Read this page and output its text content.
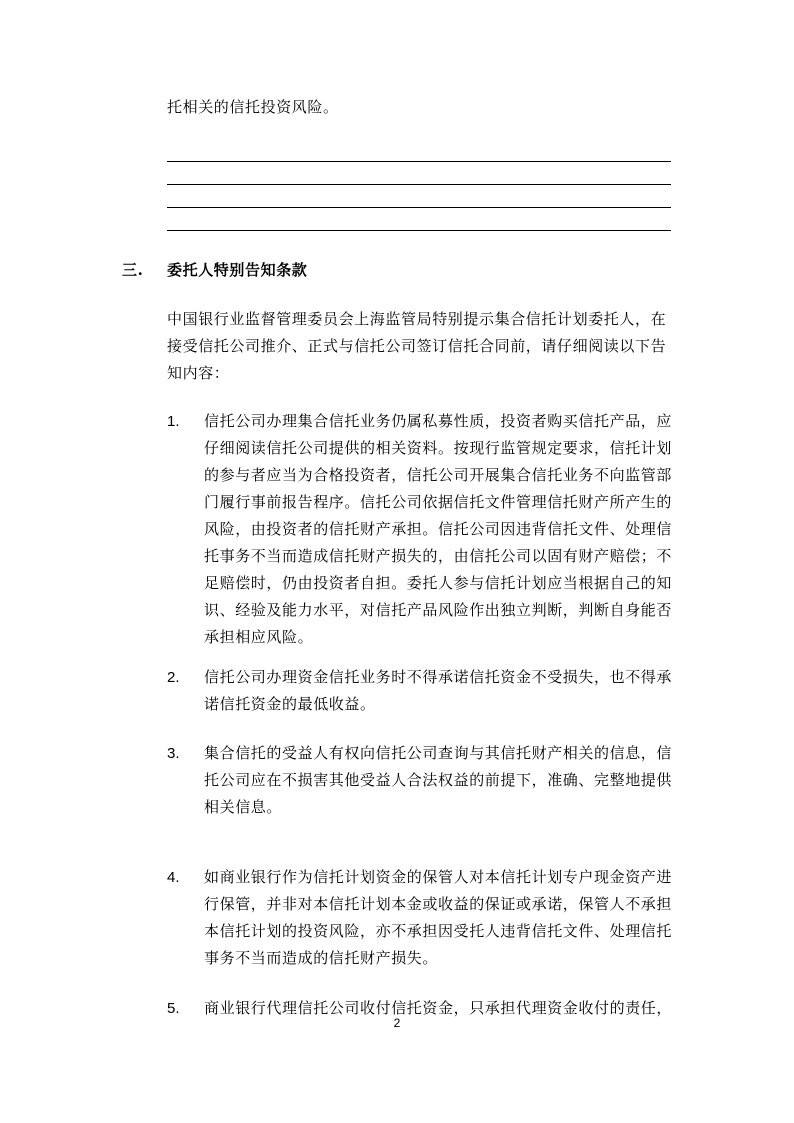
托相关的信托投资风险。
三. 委托人特别告知条款
中国银行业监督管理委员会上海监管局特别提示集合信托计划委托人，在接受信托公司推介、正式与信托公司签订信托合同前，请仔细阅读以下告知内容：
1.	信托公司办理集合信托业务仍属私募性质，投资者购买信托产品，应仔细阅读信托公司提供的相关资料。按现行监管规定要求，信托计划的参与者应当为合格投资者，信托公司开展集合信托业务不向监管部门履行事前报告程序。信托公司依据信托文件管理信托财产所产生的风险，由投资者的信托财产承担。信托公司因违背信托文件、处理信托事务不当而造成信托财产损失的，由信托公司以固有财产赔偿；不足赔偿时，仍由投资者自担。委托人参与信托计划应当根据自己的知识、经验及能力水平，对信托产品风险作出独立判断，判断自身能否承担相应风险。
2.	信托公司办理资金信托业务时不得承诺信托资金不受损失，也不得承诺信托资金的最低收益。
3.	集合信托的受益人有权向信托公司查询与其信托财产相关的信息，信托公司应在不损害其他受益人合法权益的前提下，准确、完整地提供相关信息。
4.	如商业银行作为信托计划资金的保管人对本信托计划专户现金资产进行保管，并非对本信托计划本金或收益的保证或承诺，保管人不承担本信托计划的投资风险，亦不承担因受托人违背信托文件、处理信托事务不当而造成的信托财产损失。
5.	商业银行代理信托公司收付信托资金，只承担代理资金收付的责任，
2
